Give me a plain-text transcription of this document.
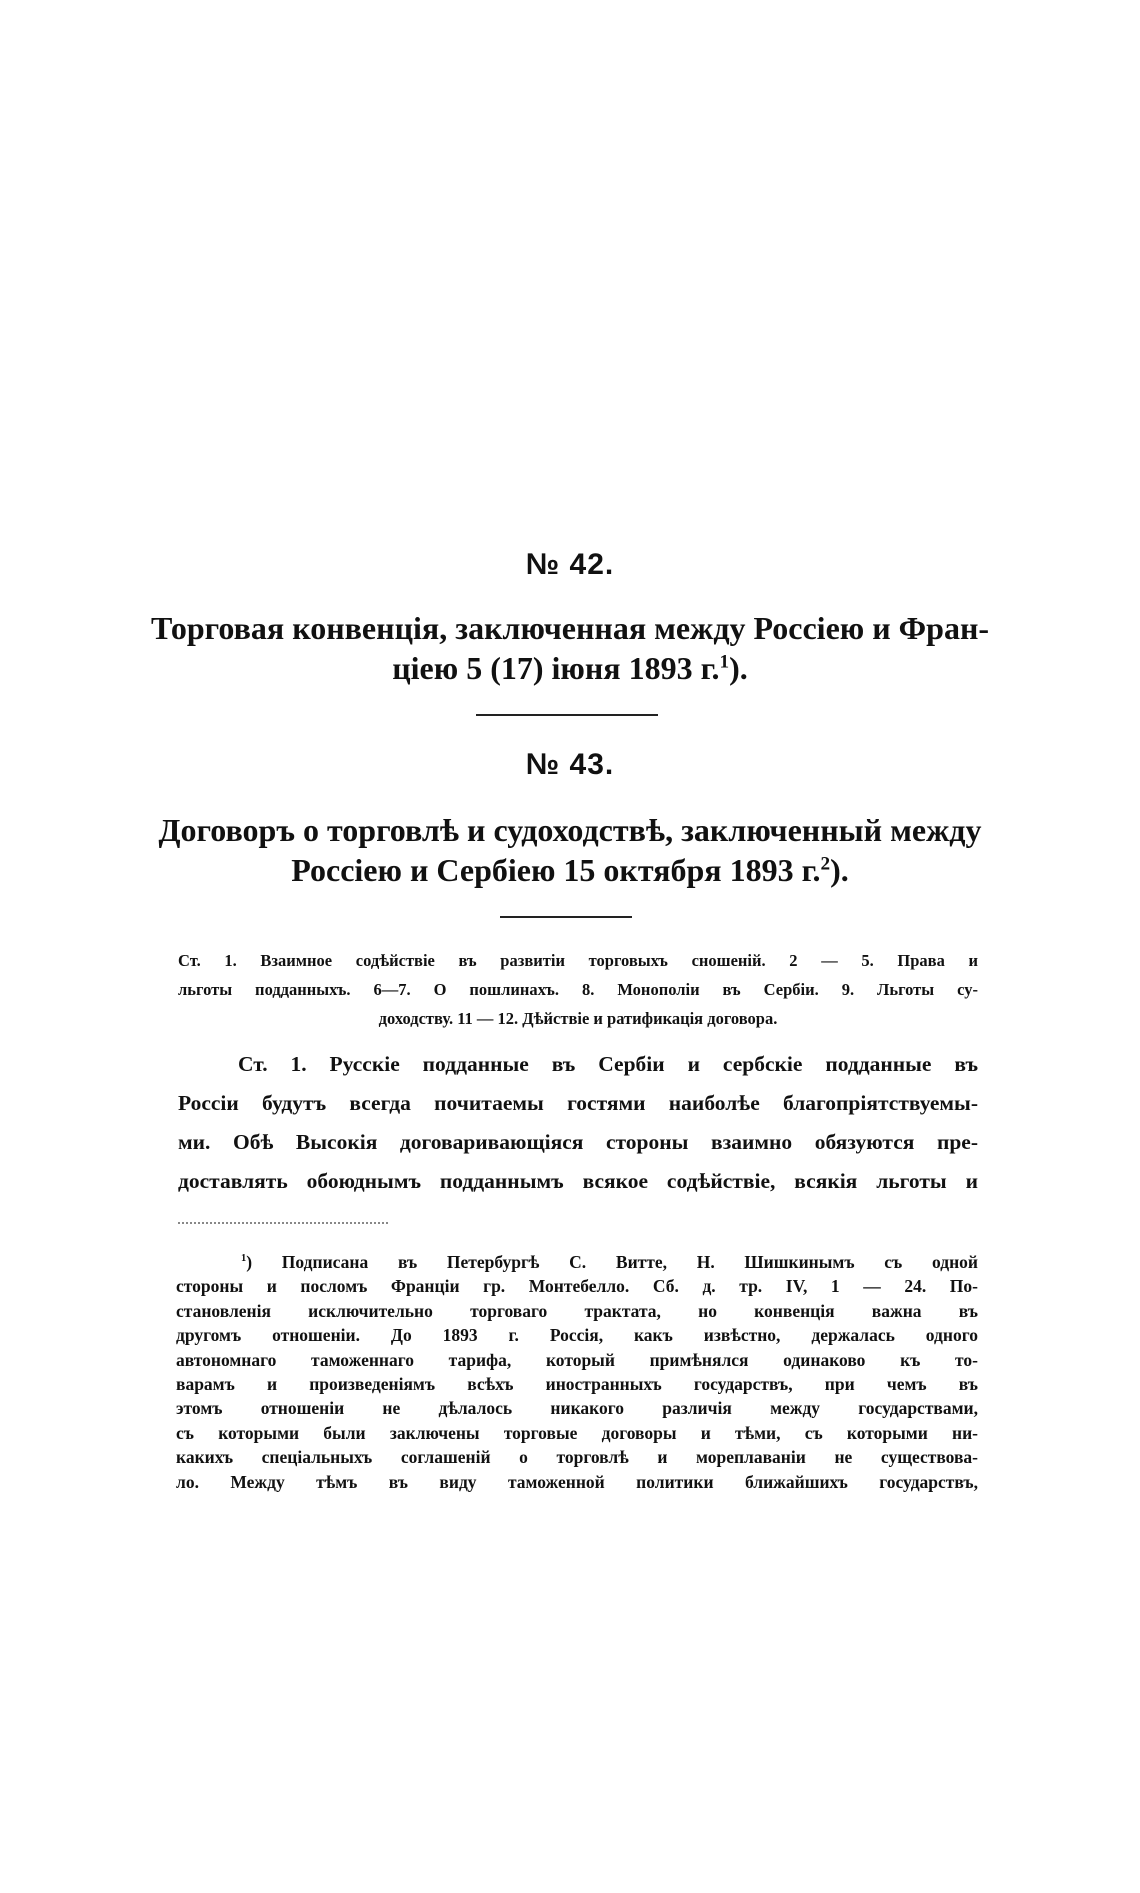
№ 42.
Торговая конвенція, заключенная между Россіею и Фран-
ціею 5 (17) іюня 1893 г.$^1$).
№ 43.
Договоръ о торговлѣ и судоходствѣ, заключенный между
Россіею и Сербіею 15 октября 1893 г.$^2$).
Ст. 1. Взаимное содѣйствіе въ развитіи торговыхъ сношеній. 2 — 5. Права и
льготы подданныхъ. 6—7. О пошлинахъ. 8. Монополіи въ Сербіи. 9. Льготы су-
доходству. 11 — 12. Дѣйствіе и ратификація договора.
Ст. 1. Русскіе подданные въ Сербіи и сербскіе подданные въ
Россіи будутъ всегда почитаемы гостями наиболѣе благопріятствуемы-
ми. Обѣ Высокія договаривающіяся стороны взаимно обязуются пре-
доставлять обоюднымъ подданнымъ всякое содѣйствіе, всякія льготы и
$^1$) Подписана въ Петербургѣ С. Витте, Н. Шишкинымъ съ одной
стороны и посломъ Франціи гр. Монтебелло. Сб. д. тр. IV, 1 — 24. По-
становленія исключительно торговаго трактата, но конвенція важна въ
другомъ отношеніи. До 1893 г. Россія, какъ извѣстно, держалась одного
автономнаго таможеннаго тарифа, который примѣнялся одинаково къ то-
варамъ и произведеніямъ всѣхъ иностранныхъ государствъ, при чемъ въ
этомъ отношеніи не дѣлалось никакого различія между государствами,
съ которыми были заключены торговые договоры и тѣми, съ которыми ни-
какихъ спеціальныхъ соглашеній о торговлѣ и мореплаваніи не существова-
ло. Между тѣмъ въ виду таможенной политики ближайшихъ государствъ,
